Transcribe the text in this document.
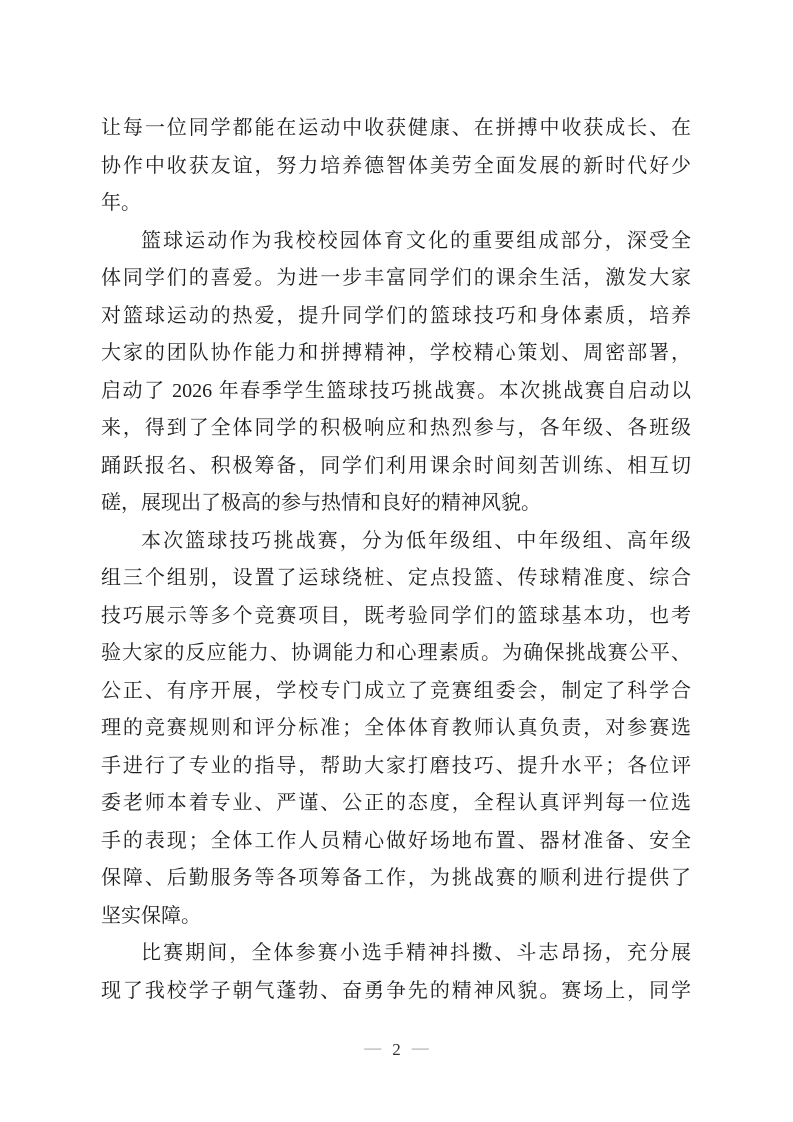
让每一位同学都能在运动中收获健康、在拼搏中收获成长、在
协作中收获友谊，努力培养德智体美劳全面发展的新时代好少
年。
篮球运动作为我校校园体育文化的重要组成部分，深受全
体同学们的喜爱。为进一步丰富同学们的课余生活，激发大家
对篮球运动的热爱，提升同学们的篮球技巧和身体素质，培养
大家的团队协作能力和拼搏精神，学校精心策划、周密部署，
启动了 2026 年春季学生篮球技巧挑战赛。本次挑战赛自启动以
来，得到了全体同学的积极响应和热烈参与，各年级、各班级
踊跃报名、积极筹备，同学们利用课余时间刻苦训练、相互切
磋，展现出了极高的参与热情和良好的精神风貌。
本次篮球技巧挑战赛，分为低年级组、中年级组、高年级
组三个组别，设置了运球绕桩、定点投篮、传球精准度、综合
技巧展示等多个竞赛项目，既考验同学们的篮球基本功，也考
验大家的反应能力、协调能力和心理素质。为确保挑战赛公平、
公正、有序开展，学校专门成立了竞赛组委会，制定了科学合
理的竞赛规则和评分标准；全体体育教师认真负责，对参赛选
手进行了专业的指导，帮助大家打磨技巧、提升水平；各位评
委老师本着专业、严谨、公正的态度，全程认真评判每一位选
手的表现；全体工作人员精心做好场地布置、器材准备、安全
保障、后勤服务等各项筹备工作，为挑战赛的顺利进行提供了
坚实保障。
比赛期间，全体参赛小选手精神抖擞、斗志昂扬，充分展
现了我校学子朝气蓬勃、奋勇争先的精神风貌。赛场上，同学
— 2 —
